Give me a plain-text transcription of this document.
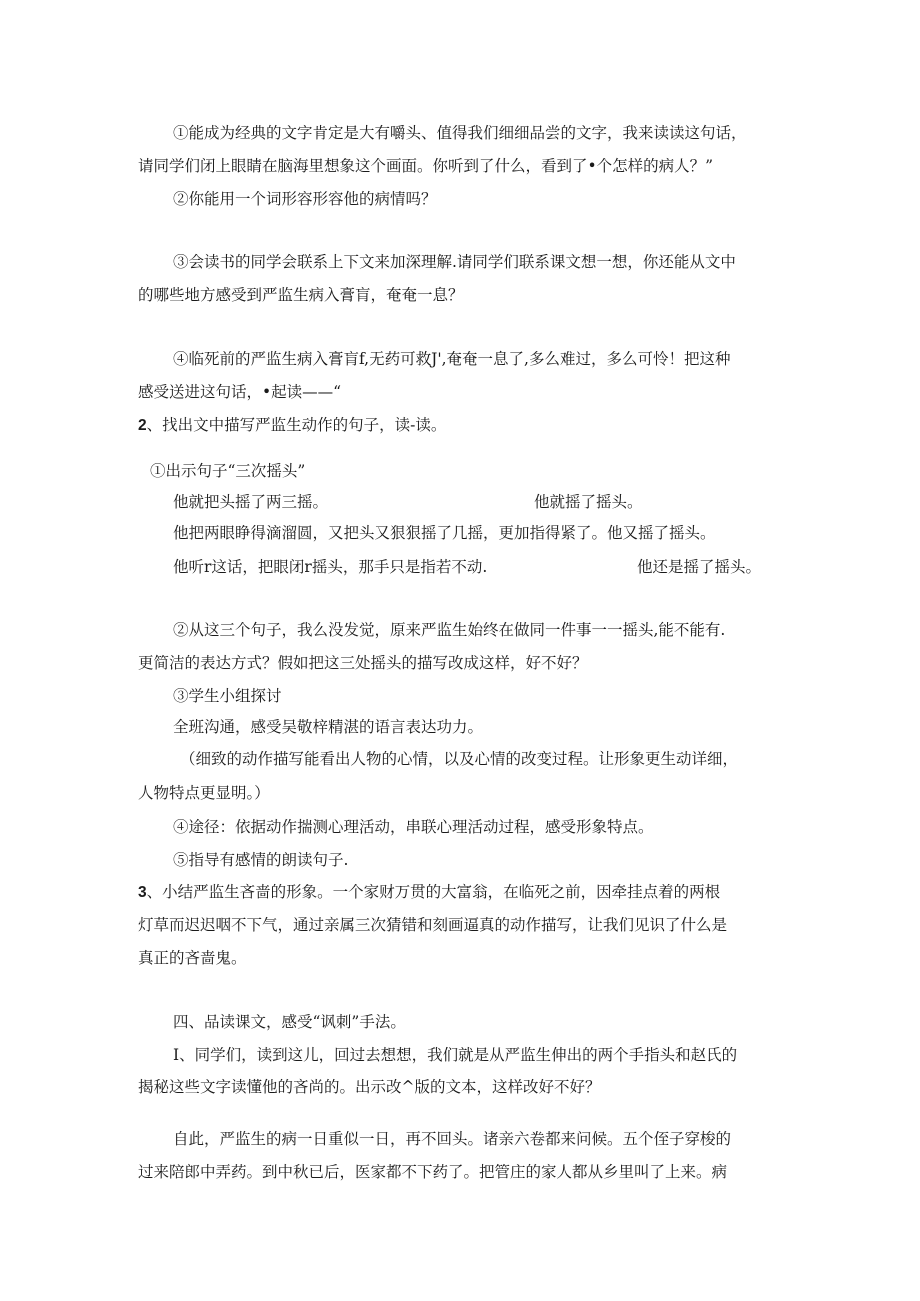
①能成为经典的文字肯定是大有嚼头、值得我们细细品尝的文字，我来读读这句话，
请同学们闭上眼睛在脑海里想象这个画面。你听到了什么，看到了•个怎样的病人？”
②你能用一个词形容形容他的病情吗？
③会读书的同学会联系上下文来加深理解.请同学们联系课文想一想，你还能从文中
的哪些地方感受到严监生病入膏肓，奄奄一息？
④临死前的严监生病入膏肓f,无药可救J',奄奄一息了,多么难过，多么可怜！把这种
感受送进这句话，•起读——“
2、找出文中描写严监生动作的句子，读-读。
①出示句子“三次摇头”
他就把头摇了两三摇。	他就摇了摇头。
他把两眼睁得滴溜圆，又把头又狠狠摇了几摇，更加指得紧了。他又摇了摇头。
他听r这话，把眼闭r摇头，那手只是指若不动.	他还是摇了摇头。
②从这三个句子，我么没发觉，原来严监生始终在做同一件事一一摇头,能不能有.
更简洁的表达方式？假如把这三处摇头的描写改成这样，好不好？
③学生小组探讨
全班沟通，感受吴敬梓精湛的语言表达功力。
（细致的动作描写能看出人物的心情，以及心情的改变过程。让形象更生动详细，
人物特点更显明。）
④途径：依据动作揣测心理活动，串联心理活动过程，感受形象特点。
⑤指导有感情的朗读句子.
3、小结严监生吝啬的形象。一个家财万贯的大富翁，在临死之前，因牵挂点着的两根
灯草而迟迟咽不下气，通过亲属三次猜错和刻画逼真的动作描写，让我们见识了什么是
真正的吝啬鬼。
四、品读课文，感受“讽刺”手法。
I、同学们，读到这儿，回过去想想，我们就是从严监生伸出的两个手指头和赵氏的
揭秘这些文字读懂他的吝尚的。出示改^版的文本，这样改好不好？
自此，严监生的病一日重似一日，再不回头。诸亲六卷都来问候。五个侄子穿梭的
过来陪郎中弄药。到中秋已后，医家都不下药了。把管庄的家人都从乡里叫了上来。病
